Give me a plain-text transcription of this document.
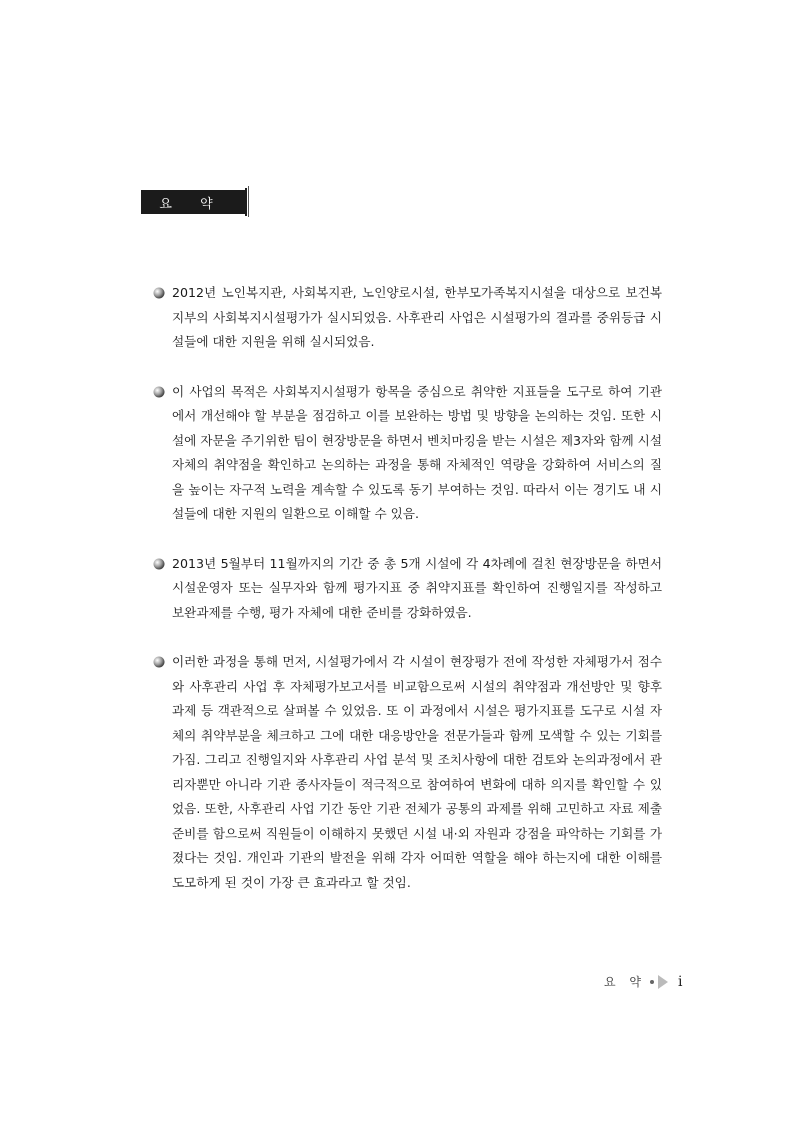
요 약
2012년 노인복지관, 사회복지관, 노인양로시설, 한부모가족복지시설을 대상으로 보건복지부의 사회복지시설평가가 실시되었음. 사후관리 사업은 시설평가의 결과를 중위등급 시설들에 대한 지원을 위해 실시되었음.
이 사업의 목적은 사회복지시설평가 항목을 중심으로 취약한 지표들을 도구로 하여 기관에서 개선해야 할 부분을 점검하고 이를 보완하는 방법 및 방향을 논의하는 것임. 또한 시설에 자문을 주기위한 팀이 현장방문을 하면서 벤치마킹을 받는 시설은 제3자와 함께 시설자체의 취약점을 확인하고 논의하는 과정을 통해 자체적인 역량을 강화하여 서비스의 질을 높이는 자구적 노력을 계속할 수 있도록 동기 부여하는 것임. 따라서 이는 경기도 내 시설들에 대한 지원의 일환으로 이해할 수 있음.
2013년 5월부터 11월까지의 기간 중 총 5개 시설에 각 4차례에 걸친 현장방문을 하면서 시설운영자 또는 실무자와 함께 평가지표 중 취약지표를 확인하여 진행일지를 작성하고 보완과제를 수행, 평가 자체에 대한 준비를 강화하였음.
이러한 과정을 통해 먼저, 시설평가에서 각 시설이 현장평가 전에 작성한 자체평가서 점수와 사후관리 사업 후 자체평가보고서를 비교함으로써 시설의 취약점과 개선방안 및 향후 과제 등 객관적으로 살펴볼 수 있었음. 또 이 과정에서 시설은 평가지표를 도구로 시설 자체의 취약부분을 체크하고 그에 대한 대응방안을 전문가들과 함께 모색할 수 있는 기회를 가짐. 그리고 진행일지와 사후관리 사업 분석 및 조치사항에 대한 검토와 논의과정에서 관리자뿐만 아니라 기관 종사자들이 적극적으로 참여하여 변화에 대하 의지를 확인할 수 있었음. 또한, 사후관리 사업 기간 동안 기관 전체가 공통의 과제를 위해 고민하고 자료 제출 준비를 함으로써 직원들이 이해하지 못했던 시설 내·외 자원과 강점을 파악하는 기회를 가졌다는 것임. 개인과 기관의 발전을 위해 각자 어떠한 역할을 해야 하는지에 대한 이해를 도모하게 된 것이 가장 큰 효과라고 할 것임.
요 약 i
